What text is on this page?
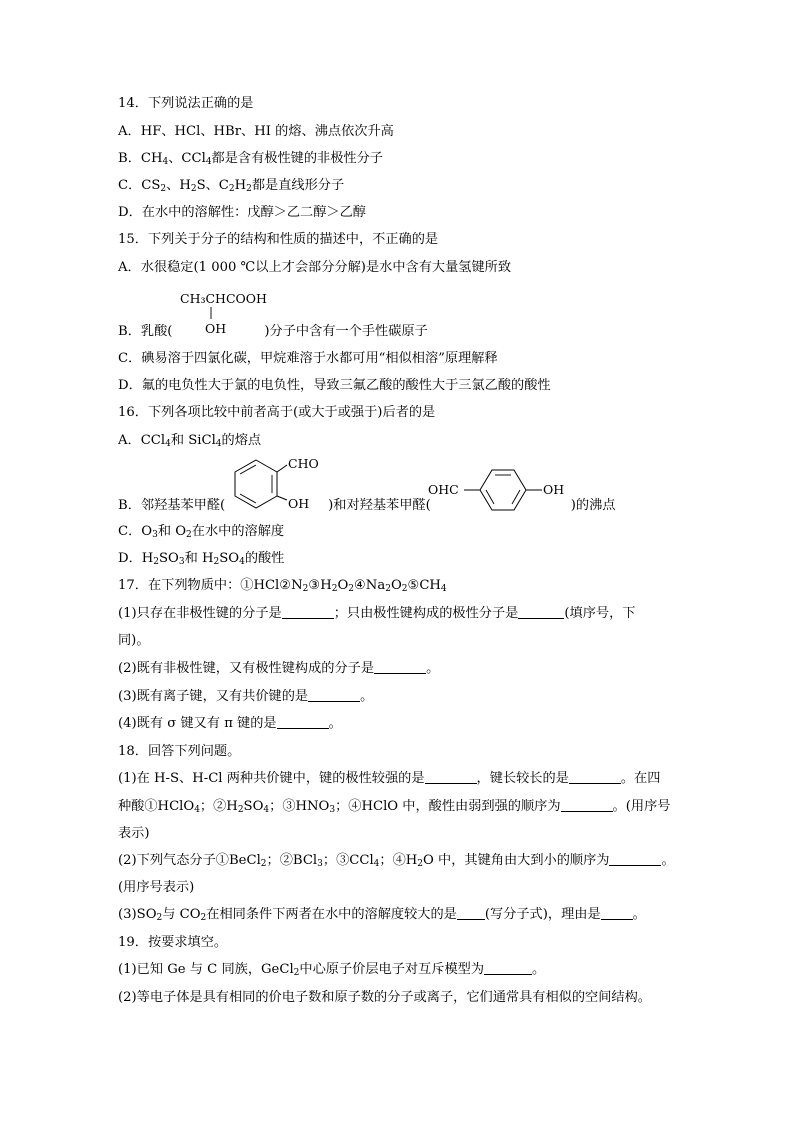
14．下列说法正确的是
A．HF、HCl、HBr、HI 的熔、沸点依次升高
B．$CH_4$、CCl$_4$都是含有极性键的非极性分子
C．$CS_2$、$H_2S$、$C_2H_2$都是直线形分子
D．在水中的溶解性：戊醇＞乙二醇＞乙醇
15．下列关于分子的结构和性质的描述中，不正确的是
A．水很稳定(1 000 ℃以上才会部分分解)是水中含有大量氢键所致
CH₃CHCOOH
OH
B．乳酸(	)分子中含有一个手性碳原子
C．碘易溶于四氯化碳，甲烷难溶于水都可用“相似相溶”原理解释
D．氟的电负性大于氯的电负性，导致三氟乙酸的酸性大于三氯乙酸的酸性
16．下列各项比较中前者高于(或大于或强于)后者的是
A．CCl$_4$和 SiCl$_4$的熔点
CHO
OH
OHC	OH
B．邻羟基苯甲醛(	)和对羟基苯甲醛(	)的沸点
C．$O_3$和 $O_2$在水中的溶解度
D．$H_2SO_3$和 $H_2SO_4$的酸性
17．在下列物质中：$①HCl②N_2③H_2O_2④Na_2O_2⑤CH_4$
(1)只存在非极性键的分子是	；只由极性键构成的极性分子是	(填序号，下
同)。
(2)既有非极性键，又有极性键构成的分子是	。
(3)既有离子键，又有共价键的是	。
(4)既有 σ 键又有 π 键的是	。
18．回答下列问题。
(1)在 H-S、H-Cl 两种共价键中，键的极性较强的是	，键长较长的是	。在四
种酸①HClO$_4$；$②H_2SO_4$；$③HNO_3$；④HClO 中，酸性由弱到强的顺序为	。(用序号
表示)
(2)下列气态分子①BeCl$_2$；②BCl$_3$；③CCl$_4$；$④H_2O$ 中，其键角由大到小的顺序为	。
(用序号表示)
$(3)SO_2$与 $CO_2$在相同条件下两者在水中的溶解度较大的是 (写分子式)，理由是 。
19．按要求填空。
(1)已知 Ge 与 C 同族，GeCl$_2$中心原子价层电子对互斥模型为	。
(2)等电子体是具有相同的价电子数和原子数的分子或离子，它们通常具有相似的空间结构。
